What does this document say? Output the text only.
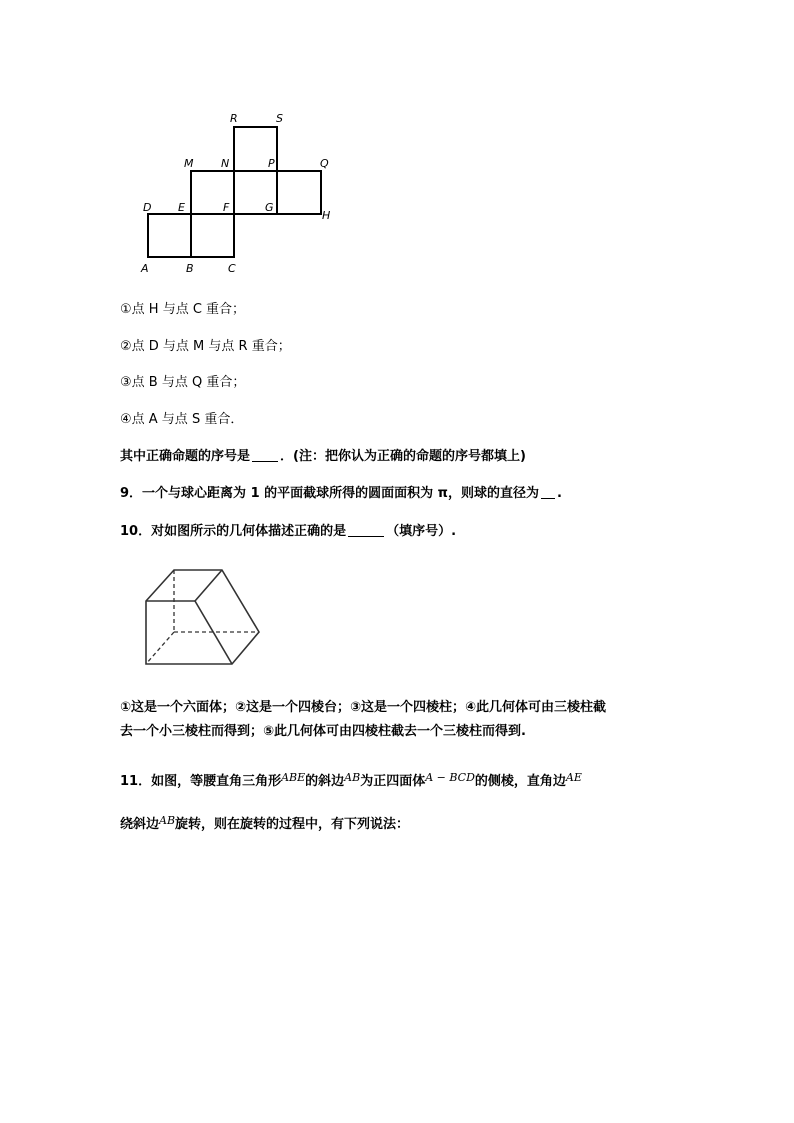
R	S
M	N	P	Q
D E	F	G
H
A	B	C
①点 H 与点 C 重合；
②点 D 与点 M 与点 R 重合；
③点 B 与点 Q 重合；
④点 A 与点 S 重合．
其中正确命题的序号是 ．(注：把你认为正确的命题的序号都填上)
9．一个与球心距离为 1 的平面截球所得的圆面面积为 π，则球的直径为 .
10．对如图所示的几何体描述正确的是	（填序号）.
①这是一个六面体；②这是一个四棱台；③这是一个四棱柱；④此几何体可由三棱柱截
去一个小三棱柱而得到；⑤此几何体可由四棱柱截去一个三棱柱而得到.
11．如图，等腰直角三角形$^{ABE}$的斜边$^{AB}$为正四面体$^{A - BCD}$的侧棱，直角边$^{AE}$
绕斜边$^{AB}$旋转，则在旋转的过程中，有下列说法：
